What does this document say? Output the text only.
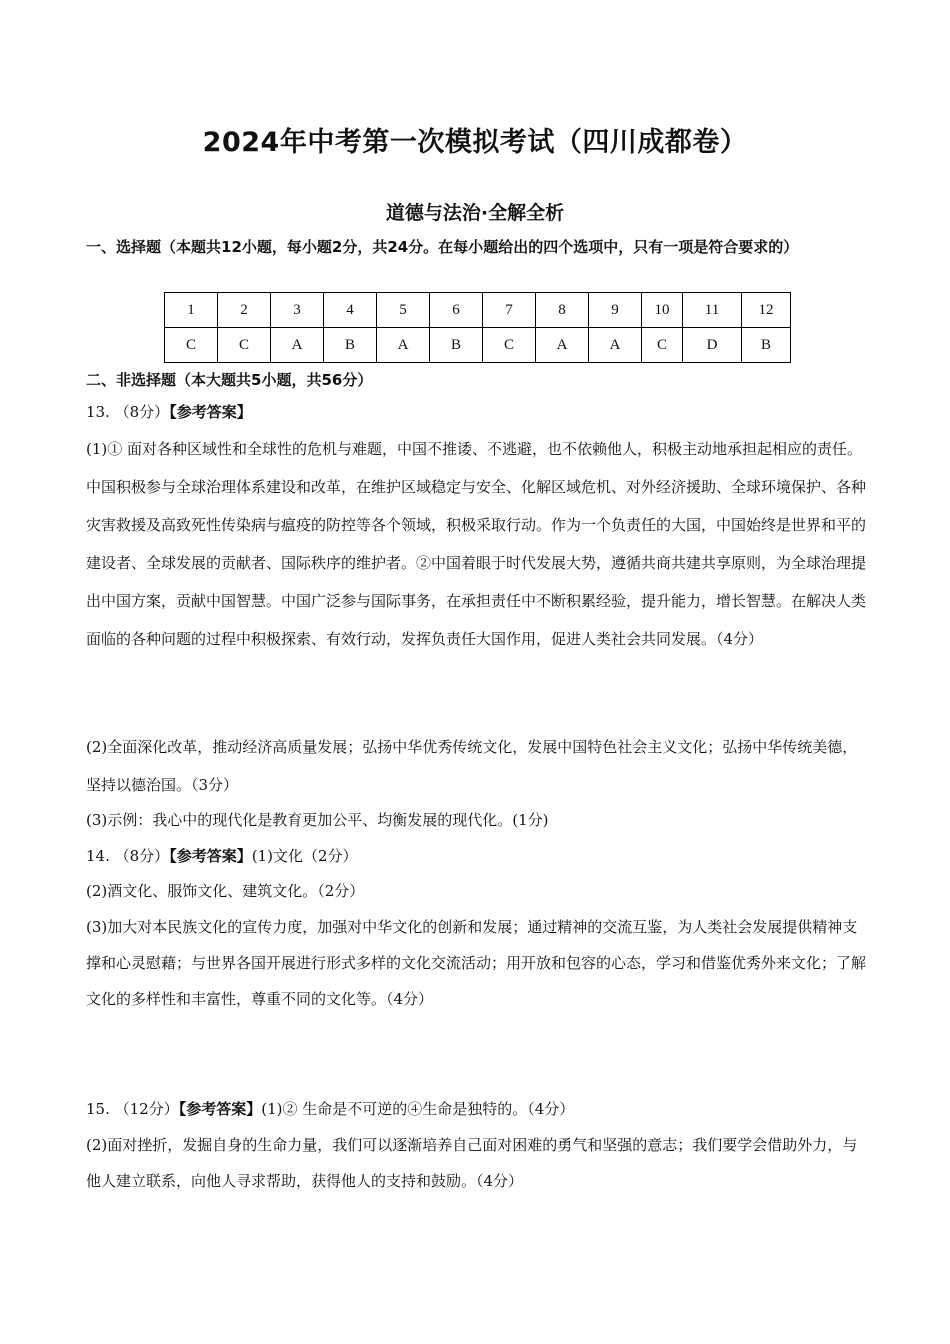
2024年中考第一次模拟考试（四川成都卷）
道德与法治·全解全析
一、选择题（本题共12小题，每小题2分，共24分。在每小题给出的四个选项中，只有一项是符合要求的）
1	2	3	4	5	6	7	8	9	10	11	12
C	C	A	B	A	B	C	A	A	C	D	B
二、非选择题（本大题共5小题，共56分）
13. （8分）【参考答案】

(1)① 面对各种区域性和全球性的危机与难题，中国不推诿、不逃避，也不依赖他人，积极主动地承担起相应的责任。中国积极参与全球治理体系建设和改革，在维护区域稳定与安全、化解区域危机、对外经济援助、全球环境保护、各种灾害救援及高致死性传染病与瘟疫的防控等各个领域，积极采取行动。作为一个负责任的大国，中国始终是世界和平的建设者、全球发展的贡献者、国际秩序的维护者。②中国着眼于时代发展大势，遵循共商共建共享原则，为全球治理提出中国方案，贡献中国智慧。中国广泛参与国际事务，在承担责任中不断积累经验，提升能力，增长智慧。在解决人类面临的各种问题的过程中积极探索、有效行动，发挥负责任大国作用，促进人类社会共同发展。（4分）

(2)全面深化改革，推动经济高质量发展；弘扬中华优秀传统文化，发展中国特色社会主义文化；弘扬中华传统美德，坚持以德治国。（3分）

(3)示例：我心中的现代化是教育更加公平、均衡发展的现代化。(1分)

14. （8分）【参考答案】(1)文化（2分）

(2)酒文化、服饰文化、建筑文化。（2分）

(3)加大对本民族文化的宣传力度，加强对中华文化的创新和发展；通过精神的交流互鉴，为人类社会发展提供精神支撑和心灵慰藉；与世界各国开展进行形式多样的文化交流活动；用开放和包容的心态，学习和借鉴优秀外来文化；了解文化的多样性和丰富性，尊重不同的文化等。（4分）

15. （12分）【参考答案】(1)② 生命是不可逆的④生命是独特的。（4分）

(2)面对挫折，发掘自身的生命力量，我们可以逐渐培养自己面对困难的勇气和坚强的意志；我们要学会借助外力，与他人建立联系，向他人寻求帮助，获得他人的支持和鼓励。（4分）
